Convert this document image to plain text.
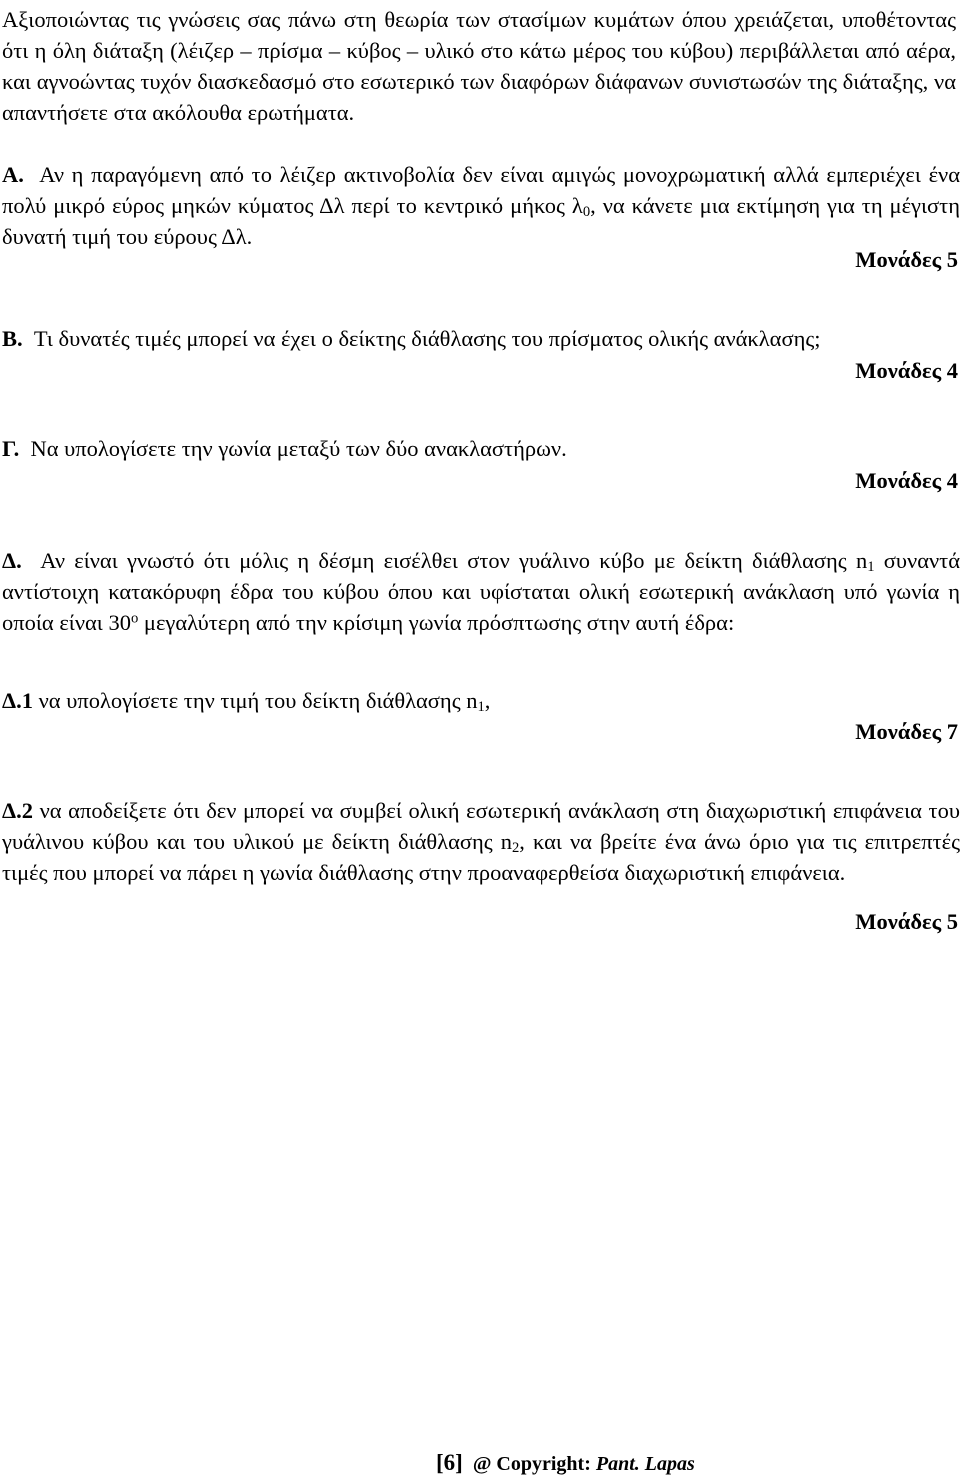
Αξιοποιώντας τις γνώσεις σας πάνω στη θεωρία των στασίμων κυμάτων όπου χρειάζεται, υποθέτοντας ότι η όλη διάταξη (λέιζερ – πρίσμα – κύβος – υλικό στο κάτω μέρος του κύβου) περιβάλλεται από αέρα, και αγνοώντας τυχόν διασκεδασμό στο εσωτερικό των διαφόρων διάφανων συνιστωσών της διάταξης, να απαντήσετε στα ακόλουθα ερωτήματα.

Α. Αν η παραγόμενη από το λέιζερ ακτινοβολία δεν είναι αμιγώς μονοχρωματική αλλά εμπεριέχει ένα πολύ μικρό εύρος μηκών κύματος Δλ περί το κεντρικό μήκος $\lambda_0$, να κάνετε μια εκτίμηση για τη μέγιστη δυνατή τιμή του εύρους Δλ.

Μονάδες 5

Β. Τι δυνατές τιμές μπορεί να έχει ο δείκτης διάθλασης του πρίσματος ολικής ανάκλασης;

Μονάδες 4

Γ. Να υπολογίσετε την γωνία μεταξύ των δύο ανακλαστήρων.

Μονάδες 4

Δ. Αν είναι γνωστό ότι μόλις η δέσμη εισέλθει στον γυάλινο κύβο με δείκτη διάθλασης $n_1$ συναντά αντίστοιχη κατακόρυφη έδρα του κύβου όπου και υφίσταται ολική εσωτερική ανάκλαση υπό γωνία η οποία είναι $30^o$ μεγαλύτερη από την κρίσιμη γωνία πρόσπτωσης στην αυτή έδρα:

Δ.1 να υπολογίσετε την τιμή του δείκτη διάθλασης $n_1$,

Μονάδες 7

Δ.2 να αποδείξετε ότι δεν μπορεί να συμβεί ολική εσωτερική ανάκλαση στη διαχωριστική επιφάνεια του γυάλινου κύβου και του υλικού με δείκτη διάθλασης $n_2$, και να βρείτε ένα άνω όριο για τις επιτρεπτές τιμές που μπορεί να πάρει η γωνία διάθλασης στην προαναφερθείσα διαχωριστική επιφάνεια.

Μονάδες 5
[6] @ Copyright: Pant. Lapas
